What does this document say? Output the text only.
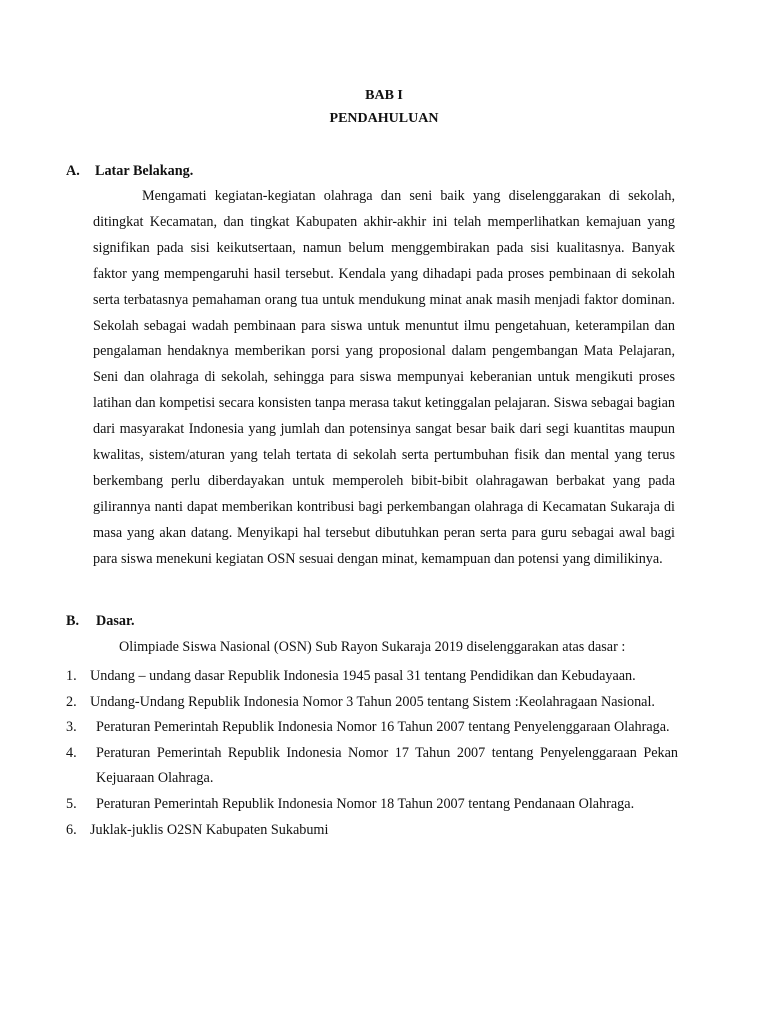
BAB I
PENDAHULUAN
A. Latar Belakang.

Mengamati kegiatan-kegiatan olahraga dan seni baik yang diselenggarakan di sekolah, ditingkat Kecamatan, dan tingkat Kabupaten akhir-akhir ini telah memperlihatkan kemajuan yang signifikan pada sisi keikutsertaan, namun belum menggembirakan pada sisi kualitasnya. Banyak faktor yang mempengaruhi hasil tersebut. Kendala yang dihadapi pada proses pembinaan di sekolah serta terbatasnya pemahaman orang tua untuk mendukung minat anak masih menjadi faktor dominan. Sekolah sebagai wadah pembinaan para siswa untuk menuntut ilmu pengetahuan, keterampilan dan pengalaman hendaknya memberikan porsi yang proposional dalam pengembangan Mata Pelajaran, Seni dan olahraga di sekolah, sehingga para siswa mempunyai keberanian untuk mengikuti proses latihan dan kompetisi secara konsisten tanpa merasa takut ketinggalan pelajaran. Siswa sebagai bagian dari masyarakat Indonesia yang jumlah dan potensinya sangat besar baik dari segi kuantitas maupun kwalitas, sistem/aturan yang telah tertata di sekolah serta pertumbuhan fisik dan mental yang terus berkembang perlu diberdayakan untuk memperoleh bibit-bibit olahragawan berbakat yang pada gilirannya nanti dapat memberikan kontribusi bagi perkembangan olahraga di Kecamatan Sukaraja di masa yang akan datang. Menyikapi hal tersebut dibutuhkan peran serta para guru sebagai awal bagi para siswa menekuni kegiatan OSN sesuai dengan minat, kemampuan dan potensi yang dimilikinya.

B. Dasar.

Olimpiade Siswa Nasional (OSN) Sub Rayon Sukaraja 2019 diselenggarakan atas dasar :

1. Undang – undang dasar Republik Indonesia 1945 pasal 31 tentang Pendidikan dan Kebudayaan.
2. Undang-Undang Republik Indonesia Nomor 3 Tahun 2005 tentang Sistem :Keolahragaan Nasional.
3.	Peraturan Pemerintah Republik Indonesia Nomor 16 Tahun 2007 tentang Penyelenggaraan Olahraga.
4.	Peraturan Pemerintah Republik Indonesia Nomor 17 Tahun 2007 tentang Penyelenggaraan Pekan Kejuaraan Olahraga.
5.	Peraturan Pemerintah Republik Indonesia Nomor 18 Tahun 2007 tentang Pendanaan Olahraga.
6. Juklak-juklis O2SN Kabupaten Sukabumi
